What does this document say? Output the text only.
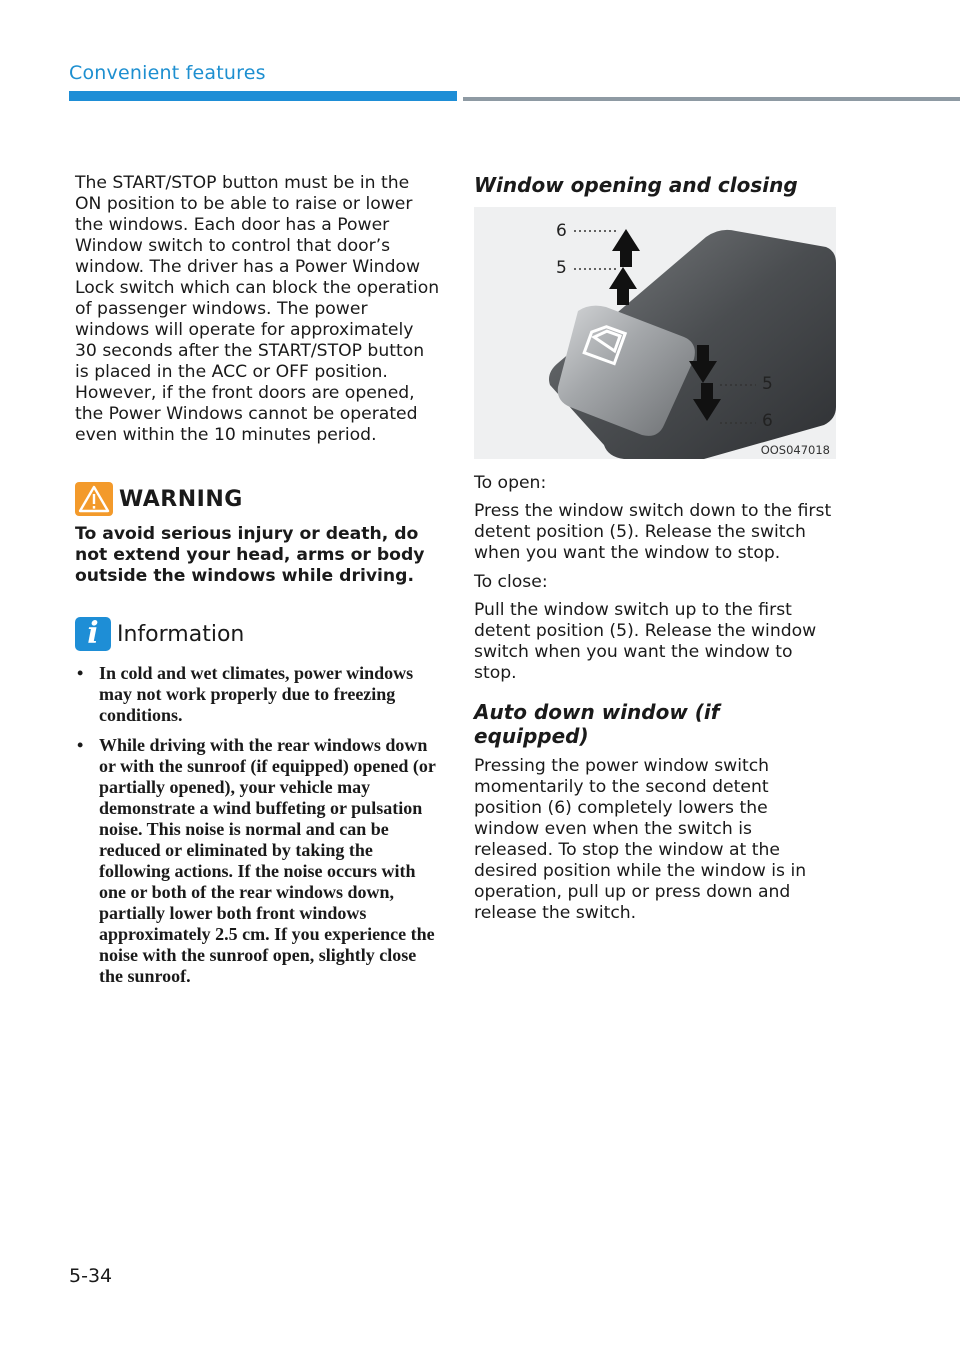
Convenient features

The START/STOP button must be in the ON position to be able to raise or lower the windows. Each door has a Power Window switch to control that door’s window. The driver has a Power Window Lock switch which can block the operation of passenger windows. The power windows will operate for approximately 30 seconds after the START/STOP button is placed in the ACC or OFF position. However, if the front doors are opened, the Power Windows cannot be operated even within the 10 minutes period.

WARNING

To avoid serious injury or death, do not extend your head, arms or body outside the windows while driving.

i Information
• In cold and wet climates, power windows may not work properly due to freezing conditions.
• While driving with the rear windows down or with the sunroof (if equipped) opened (or partially opened), your vehicle may demonstrate a wind buffeting or pulsation noise. This noise is normal and can be reduced or eliminated by taking the following actions. If the noise occurs with one or both of the rear windows down, partially lower both front windows approximately 2.5 cm. If you experience the noise with the sunroof open, slightly close the sunroof.
Window opening and closing
6
5
5
6
OOS047018

To open:

Press the window switch down to the first detent position (5). Release the switch when you want the window to stop.

To close:

Pull the window switch up to the first detent position (5). Release the window switch when you want the window to stop.

Auto down window (if equipped)

Pressing the power window switch momentarily to the second detent position (6) completely lowers the window even when the switch is released. To stop the window at the desired position while the window is in operation, pull up or press down and release the switch.

5-34
